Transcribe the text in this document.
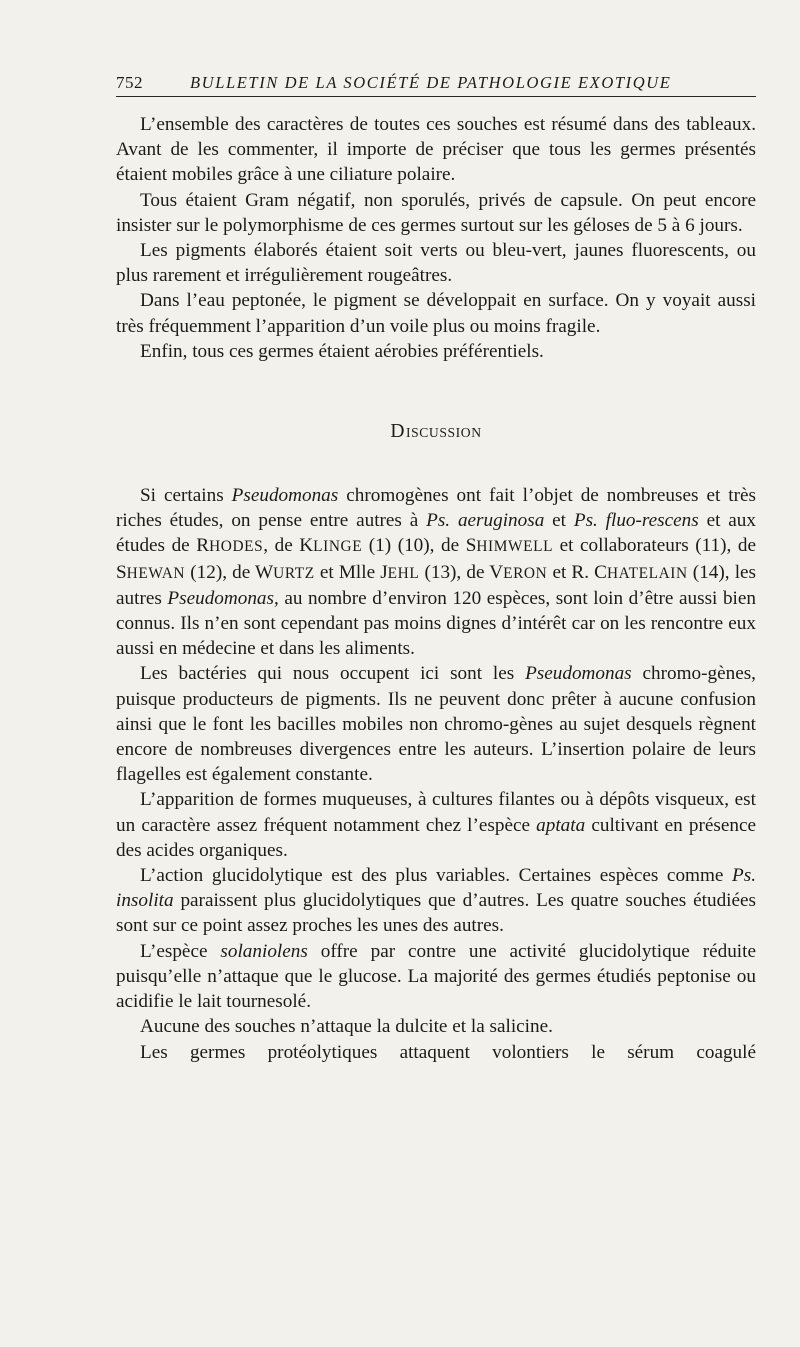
752	BULLETIN DE LA SOCIÉTÉ DE PATHOLOGIE EXOTIQUE

L’ensemble des caractères de toutes ces souches est résumé dans des tableaux. Avant de les commenter, il importe de préciser que tous les germes présentés étaient mobiles grâce à une ciliature polaire.

Tous étaient Gram négatif, non sporulés, privés de capsule. On peut encore insister sur le polymorphisme de ces germes surtout sur les géloses de 5 à 6 jours.

Les pigments élaborés étaient soit verts ou bleu-vert, jaunes fluorescents, ou plus rarement et irrégulièrement rougeâtres.

Dans l’eau peptonée, le pigment se développait en surface. On y voyait aussi très fréquemment l’apparition d’un voile plus ou moins fragile.

Enfin, tous ces germes étaient aérobies préférentiels.

DISCUSSION

Si certains Pseudomonas chromogènes ont fait l’objet de nombreuses et très riches études, on pense entre autres à Ps. aeruginosa et Ps. fluo-rescens et aux études de RHODES, de KLINGE (1) (10), de SHIMWELL et collaborateurs (11), de SHEWAN (12), de WURTZ et Mlle JEHL (13), de VERON et R. CHATELAIN (14), les autres Pseudomonas, au nombre d’environ 120 espèces, sont loin d’être aussi bien connus. Ils n’en sont cependant pas moins dignes d’intérêt car on les rencontre eux aussi en médecine et dans les aliments.

Les bactéries qui nous occupent ici sont les Pseudomonas chromo-gènes, puisque producteurs de pigments. Ils ne peuvent donc prêter à aucune confusion ainsi que le font les bacilles mobiles non chromo-gènes au sujet desquels règnent encore de nombreuses divergences entre les auteurs. L’insertion polaire de leurs flagelles est également constante.

L’apparition de formes muqueuses, à cultures filantes ou à dépôts visqueux, est un caractère assez fréquent notamment chez l’espèce aptata cultivant en présence des acides organiques.

L’action glucidolytique est des plus variables. Certaines espèces comme Ps. insolita paraissent plus glucidolytiques que d’autres. Les quatre souches étudiées sont sur ce point assez proches les unes des autres.

L’espèce solaniolens offre par contre une activité glucidolytique réduite puisqu’elle n’attaque que le glucose. La majorité des germes étudiés peptonise ou acidifie le lait tournesolé.

Aucune des souches n’attaque la dulcite et la salicine.

Les germes protéolytiques attaquent volontiers le sérum coagulé
